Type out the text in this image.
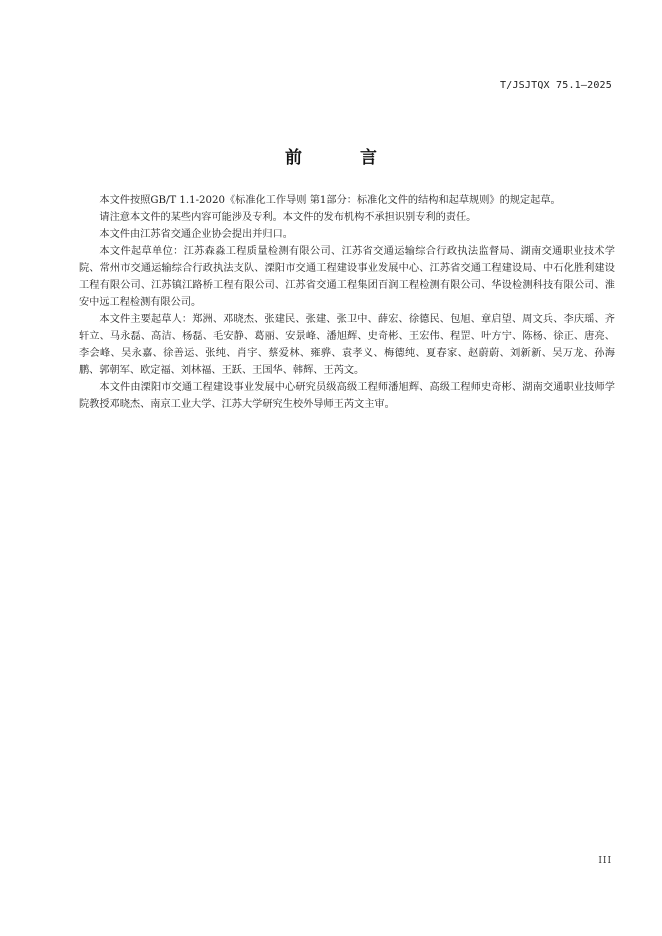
T/JSJTQX 75.1—2025
前 言

本文件按照GB/T 1.1-2020《标准化工作导则 第1部分：标准化文件的结构和起草规则》的规定起草。

请注意本文件的某些内容可能涉及专利。本文件的发布机构不承担识别专利的责任。

本文件由江苏省交通企业协会提出并归口。

本文件起草单位：江苏森淼工程质量检测有限公司、江苏省交通运输综合行政执法监督局、湖南交通职业技术学院、常州市交通运输综合行政执法支队、溧阳市交通工程建设事业发展中心、江苏省交通工程建设局、中石化胜利建设工程有限公司、江苏镇江路桥工程有限公司、江苏省交通工程集团百润工程检测有限公司、华设检测科技有限公司、淮安中远工程检测有限公司。

本文件主要起草人：郑洲、邓晓杰、张建民、张建、张卫中、薛宏、徐德民、包旭、章启望、周文兵、李庆瑶、齐轩立、马永磊、高洁、杨磊、毛安静、葛丽、安景峰、潘旭辉、史奇彬、王宏伟、程罡、叶方宁、陈杨、徐正、唐亮、李会峰、吴永嘉、徐善运、张纯、肖宇、蔡爱林、雍骅、袁孝义、梅德纯、夏春家、赵蔚蔚、刘新新、吴万龙、孙海鹏、郭朝军、欧定福、刘林福、王跃、王国华、韩辉、王芮文。

本文件由溧阳市交通工程建设事业发展中心研究员级高级工程师潘旭辉、高级工程师史奇彬、湖南交通职业技师学院教授邓晓杰、南京工业大学、江苏大学研究生校外导师王芮文主审。

III
